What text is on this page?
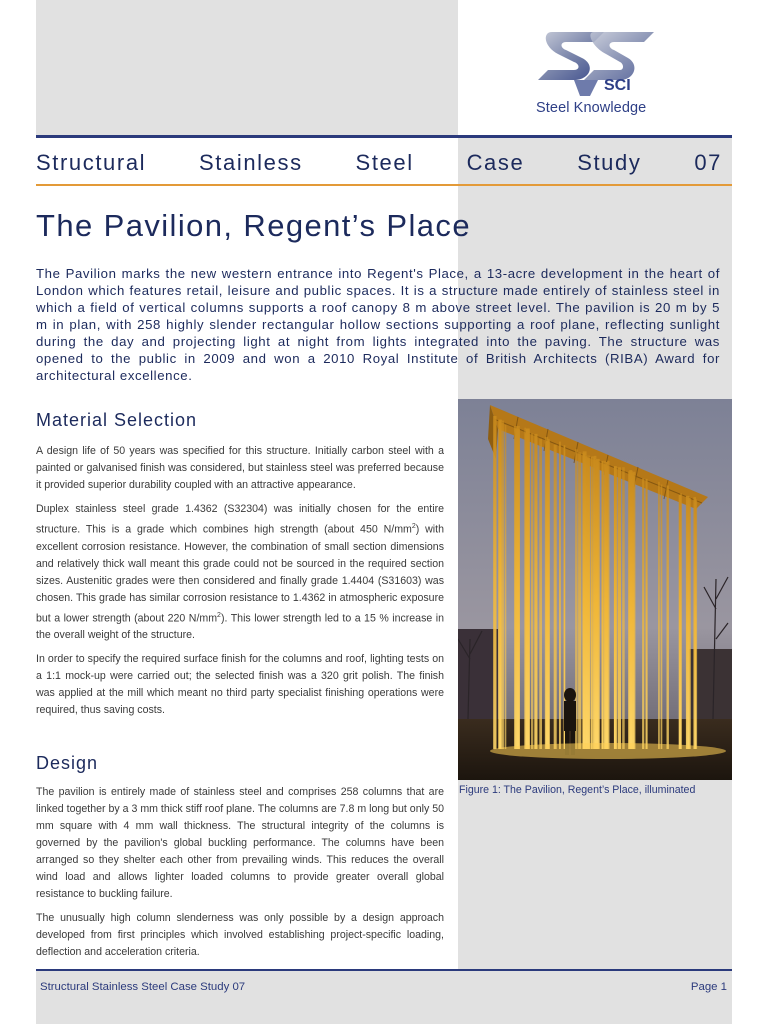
SCI
Steel Knowledge
Structural Stainless Steel Case Study 07
The Pavilion, Regent’s Place

The Pavilion marks the new western entrance into Regent's Place, a 13-acre development in the heart of London which features retail, leisure and public spaces. It is a structure made entirely of stainless steel in which a field of vertical columns supports a roof canopy 8 m above street level. The pavilion is 20 m by 5 m in plan, with 258 highly slender rectangular hollow sections supporting a roof plane, reflecting sunlight during the day and projecting light at night from lights integrated into the paving. The structure was opened to the public in 2009 and won a 2010 Royal Institute of British Architects (RIBA) Award for architectural excellence.

Material Selection

A design life of 50 years was specified for this structure. Initially carbon steel with a painted or galvanised finish was considered, but stainless steel was preferred because it provided superior durability coupled with an attractive appearance.

Duplex stainless steel grade 1.4362 (S32304) was initially chosen for the entire structure. This is a grade which combines high strength (about 450 $N/mm^2$) with excellent corrosion resistance. However, the combination of small section dimensions and relatively thick wall meant this grade could not be sourced in the required section sizes. Austenitic grades were then considered and finally grade 1.4404 (S31603) was chosen. This grade has similar corrosion resistance to 1.4362 in atmospheric exposure but a lower strength (about 220 $N/mm^2$). This lower strength led to a 15 % increase in the overall weight of the structure.

In order to specify the required surface finish for the columns and roof, lighting tests on a 1:1 mock-up were carried out; the selected finish was a 320 grit polish. The finish was applied at the mill which meant no third party specialist finishing operations were required, thus saving costs.

Design

The pavilion is entirely made of stainless steel and comprises 258 columns that are linked together by a 3 mm thick stiff roof plane. The columns are 7.8 m long but only 50 mm square with 4 mm wall thickness. The structural integrity of the columns is governed by the pavilion's global buckling performance. The columns have been arranged so they shelter each other from prevailing winds. This reduces the overall wind load and allows lighter loaded columns to provide greater overall global resistance to buckling failure.

The unusually high column slenderness was only possible by a design approach developed from first principles which involved establishing project-specific loading, deflection and acceleration criteria.

Figure 1: The Pavilion, Regent’s Place, illuminated
Structural Stainless Steel Case Study 07	Page 1
